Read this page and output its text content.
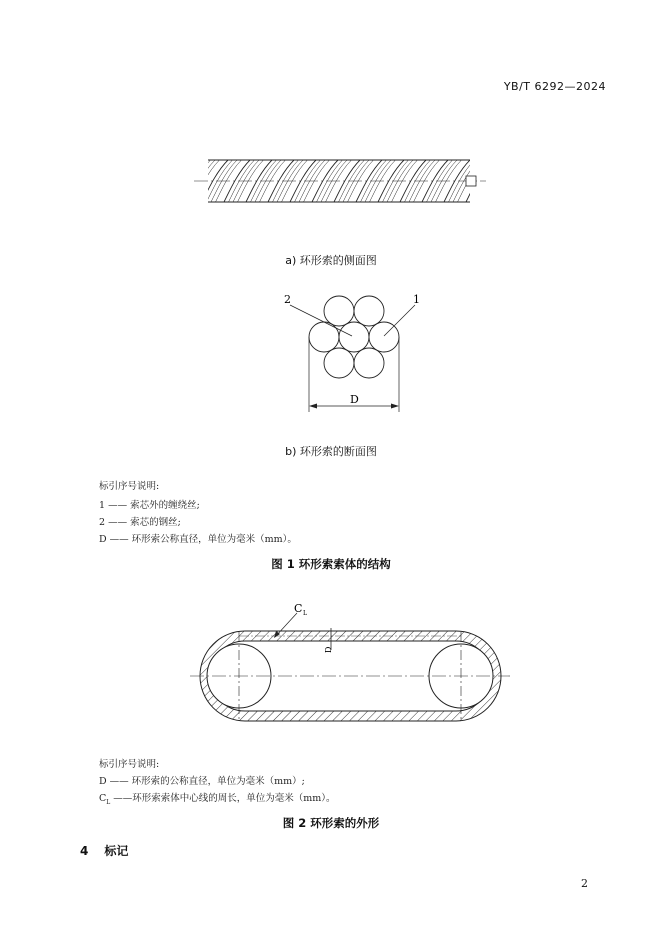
YB/T 6292—2024
a) 环形索的侧面图
2	1
D
b) 环形索的断面图
标引序号说明:
1 —— 索芯外的缠绕丝;
2 —— 索芯的钢丝;
D —— 环形索公称直径，单位为毫米（mm）。
图 1 环形索索体的结构
C L
D
标引序号说明:
D —— 环形索的公称直径，单位为毫米（mm）;
$C_L$ ——环形索索体中心线的周长，单位为毫米（mm）。
图 2 环形索的外形
4 标记
2
